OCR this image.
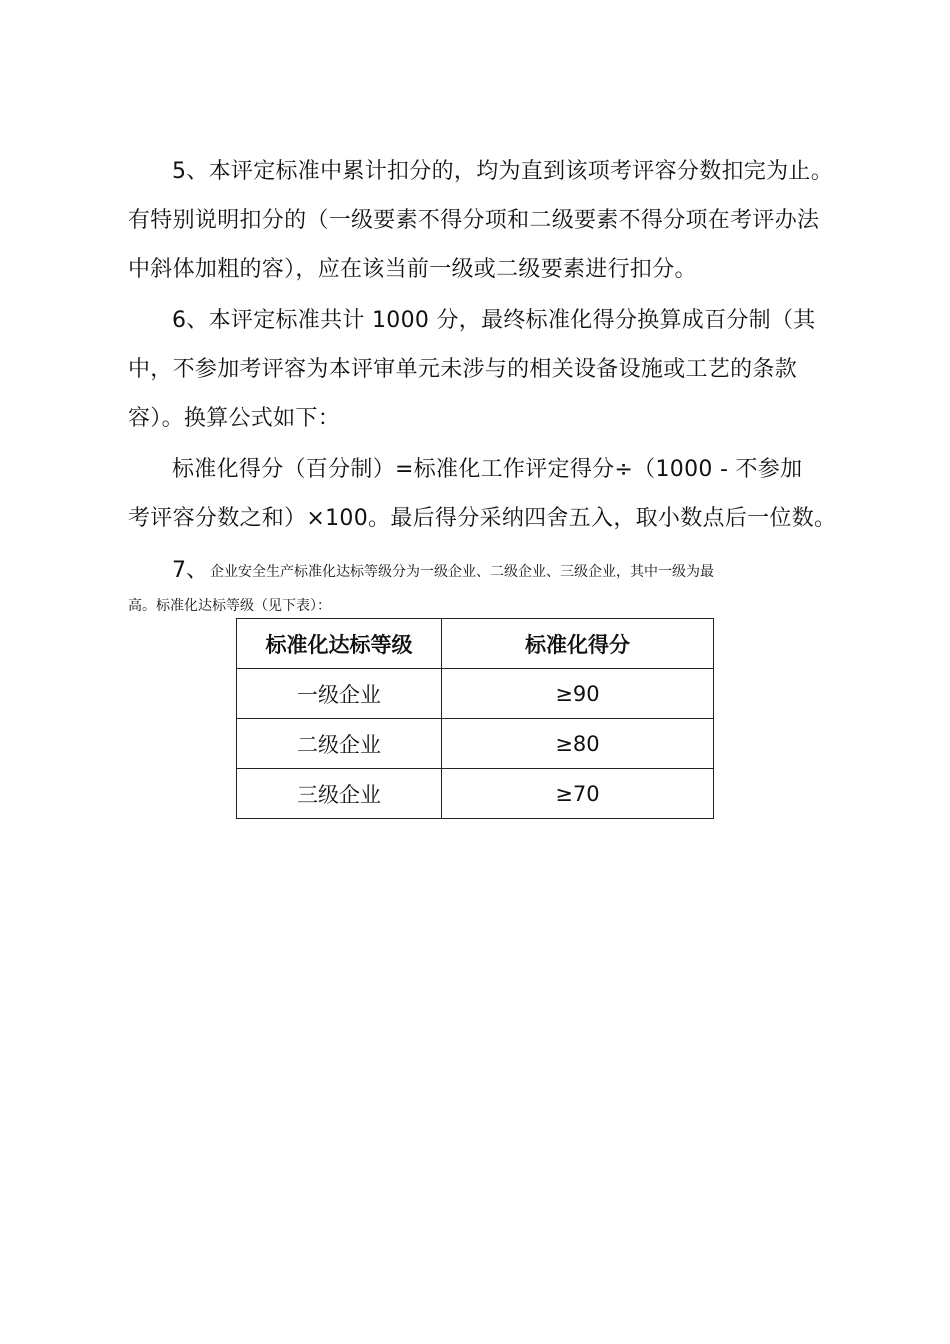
5、本评定标准中累计扣分的，均为直到该项考评容分数扣完为止。
有特别说明扣分的（一级要素不得分项和二级要素不得分项在考评办法
中斜体加粗的容），应在该当前一级或二级要素进行扣分。
6、本评定标准共计 1000 分，最终标准化得分换算成百分制（其
中，不参加考评容为本评审单元未涉与的相关设备设施或工艺的条款
容）。换算公式如下：
标准化得分（百分制）=标准化工作评定得分÷（1000 - 不参加
考评容分数之和）×100。最后得分采纳四舍五入，取小数点后一位数。
7、 企业安全生产标准化达标等级分为一级企业、二级企业、三级企业，其中一级为最
高。标准化达标等级（见下表）：
标准化达标等级	标准化得分
一级企业	≥90
二级企业	≥80
三级企业	≥70
